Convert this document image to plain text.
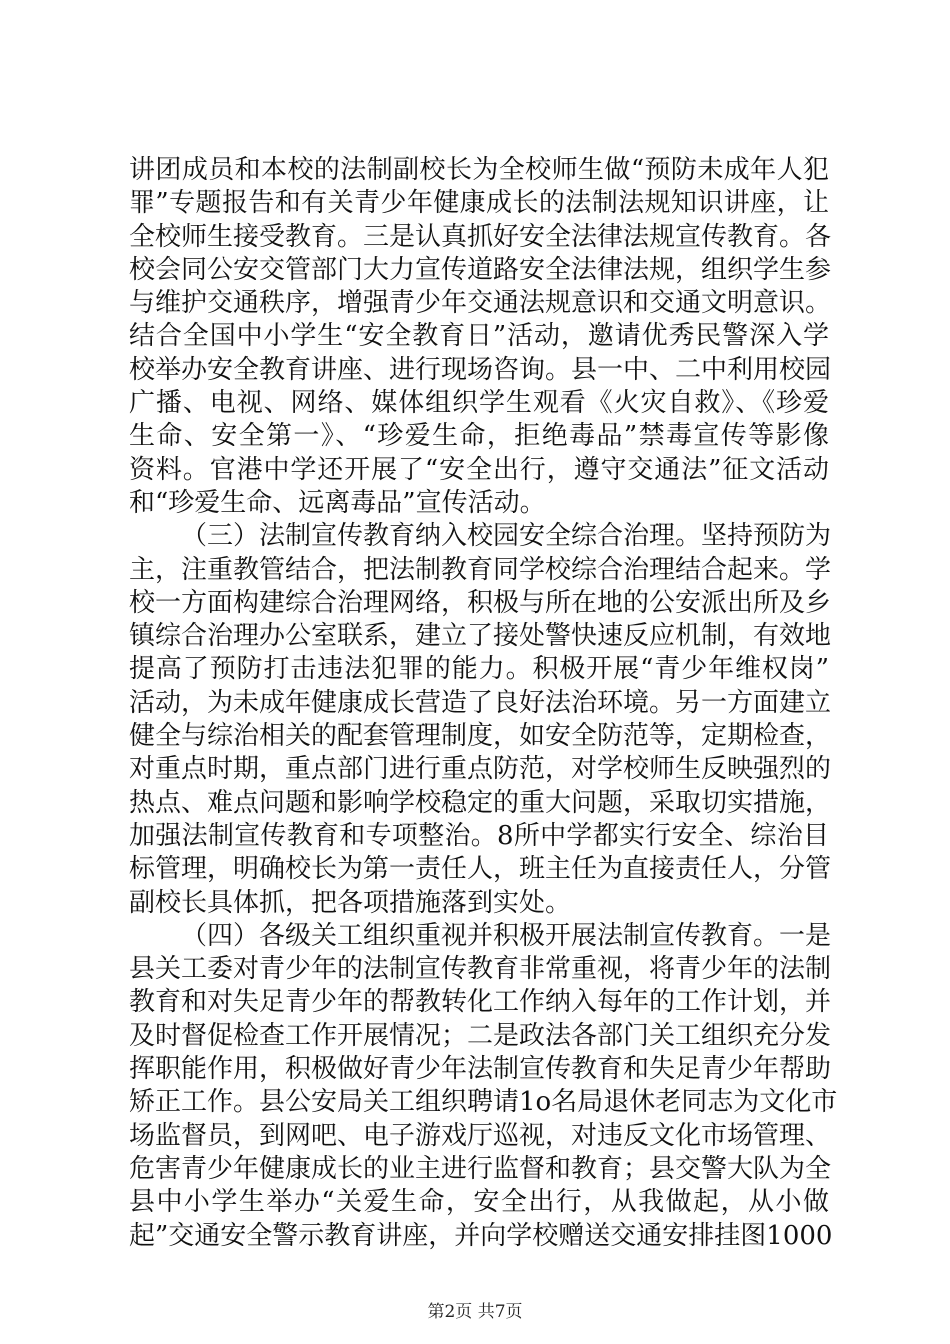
讲团成员和本校的法制副校长为全校师生做“预防未成年人犯
罪”专题报告和有关青少年健康成长的法制法规知识讲座，让
全校师生接受教育。三是认真抓好安全法律法规宣传教育。各
校会同公安交管部门大力宣传道路安全法律法规，组织学生参
与维护交通秩序，增强青少年交通法规意识和交通文明意识。
结合全国中小学生“安全教育日”活动，邀请优秀民警深入学
校举办安全教育讲座、进行现场咨询。县一中、二中利用校园
广播、电视、网络、媒体组织学生观看《火灾自救》、《珍爱
生命、安全第一》、“珍爱生命，拒绝毒品”禁毒宣传等影像
资料。官港中学还开展了“安全出行，遵守交通法”征文活动
和“珍爱生命、远离毒品”宣传活动。
（三）法制宣传教育纳入校园安全综合治理。坚持预防为
主，注重教管结合，把法制教育同学校综合治理结合起来。学
校一方面构建综合治理网络，积极与所在地的公安派出所及乡
镇综合治理办公室联系，建立了接处警快速反应机制，有效地
提高了预防打击违法犯罪的能力。积极开展“青少年维权岗”
活动，为未成年健康成长营造了良好法治环境。另一方面建立
健全与综治相关的配套管理制度，如安全防范等，定期检查，
对重点时期，重点部门进行重点防范，对学校师生反映强烈的
热点、难点问题和影响学校稳定的重大问题，采取切实措施，
加强法制宣传教育和专项整治。8所中学都实行安全、综治目
标管理，明确校长为第一责任人，班主任为直接责任人，分管
副校长具体抓，把各项措施落到实处。
（四）各级关工组织重视并积极开展法制宣传教育。一是
县关工委对青少年的法制宣传教育非常重视，将青少年的法制
教育和对失足青少年的帮教转化工作纳入每年的工作计划，并
及时督促检查工作开展情况；二是政法各部门关工组织充分发
挥职能作用，积极做好青少年法制宣传教育和失足青少年帮助
矫正工作。县公安局关工组织聘请1o名局退休老同志为文化市
场监督员，到网吧、电子游戏厅巡视，对违反文化市场管理、
危害青少年健康成长的业主进行监督和教育；县交警大队为全
县中小学生举办“关爱生命，安全出行，从我做起，从小做
起”交通安全警示教育讲座，并向学校赠送交通安排挂图1000
第2页 共7页
